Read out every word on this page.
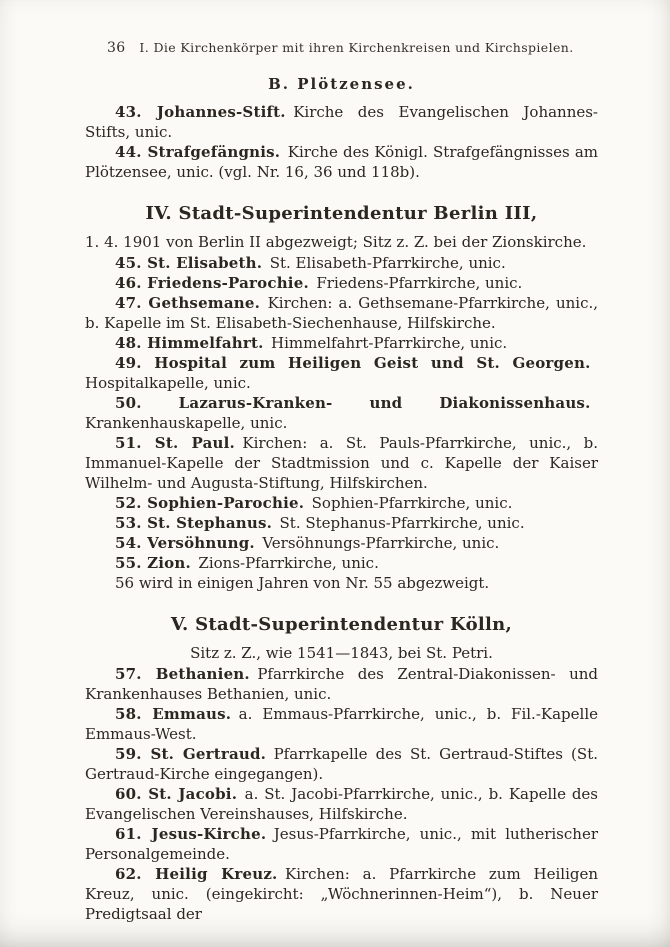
36	I. Die Kirchenkörper mit ihren Kirchenkreisen und Kirchspielen.
B. Plötzensee.

43. Johannes-Stift. Kirche des Evangelischen Johannes-Stifts, unic.

44. Strafgefängnis. Kirche des Königl. Strafgefängnisses am Plötzensee, unic. (vgl. Nr. 16, 36 und 118b).

IV. Stadt-Superintendentur Berlin III,

1. 4. 1901 von Berlin II abgezweigt; Sitz z. Z. bei der Zionskirche.

45. St. Elisabeth. St. Elisabeth-Pfarrkirche, unic.

46. Friedens-Parochie. Friedens-Pfarrkirche, unic.

47. Gethsemane. Kirchen: a. Gethsemane-Pfarrkirche, unic., b. Kapelle im St. Elisabeth-Siechenhause, Hilfskirche.

48. Himmelfahrt. Himmelfahrt-Pfarrkirche, unic.

49. Hospital zum Heiligen Geist und St. Georgen. Hospitalkapelle, unic.

50. Lazarus-Kranken- und Diakonissenhaus. Krankenhauskapelle, unic.

51. St. Paul. Kirchen: a. St. Pauls-Pfarrkirche, unic., b. Immanuel-Kapelle der Stadtmission und c. Kapelle der Kaiser Wilhelm- und Augusta-Stiftung, Hilfskirchen.

52. Sophien-Parochie. Sophien-Pfarrkirche, unic.

53. St. Stephanus. St. Stephanus-Pfarrkirche, unic.

54. Versöhnung. Versöhnungs-Pfarrkirche, unic.

55. Zion. Zions-Pfarrkirche, unic.

56 wird in einigen Jahren von Nr. 55 abgezweigt.

V. Stadt-Superintendentur Kölln,

Sitz z. Z., wie 1541—1843, bei St. Petri.

57. Bethanien. Pfarrkirche des Zentral-Diakonissen- und Krankenhauses Bethanien, unic.

58. Emmaus. a. Emmaus-Pfarrkirche, unic., b. Fil.-Kapelle Emmaus-West.

59. St. Gertraud. Pfarrkapelle des St. Gertraud-Stiftes (St. Gertraud-Kirche eingegangen).

60. St. Jacobi. a. St. Jacobi-Pfarrkirche, unic., b. Kapelle des Evangelischen Vereinshauses, Hilfskirche.

61. Jesus-Kirche. Jesus-Pfarrkirche, unic., mit lutherischer Personalgemeinde.

62. Heilig Kreuz. Kirchen: a. Pfarrkirche zum Heiligen Kreuz, unic. (eingekircht: „Wöchnerinnen-Heim“), b. Neuer Predigtsaal der
